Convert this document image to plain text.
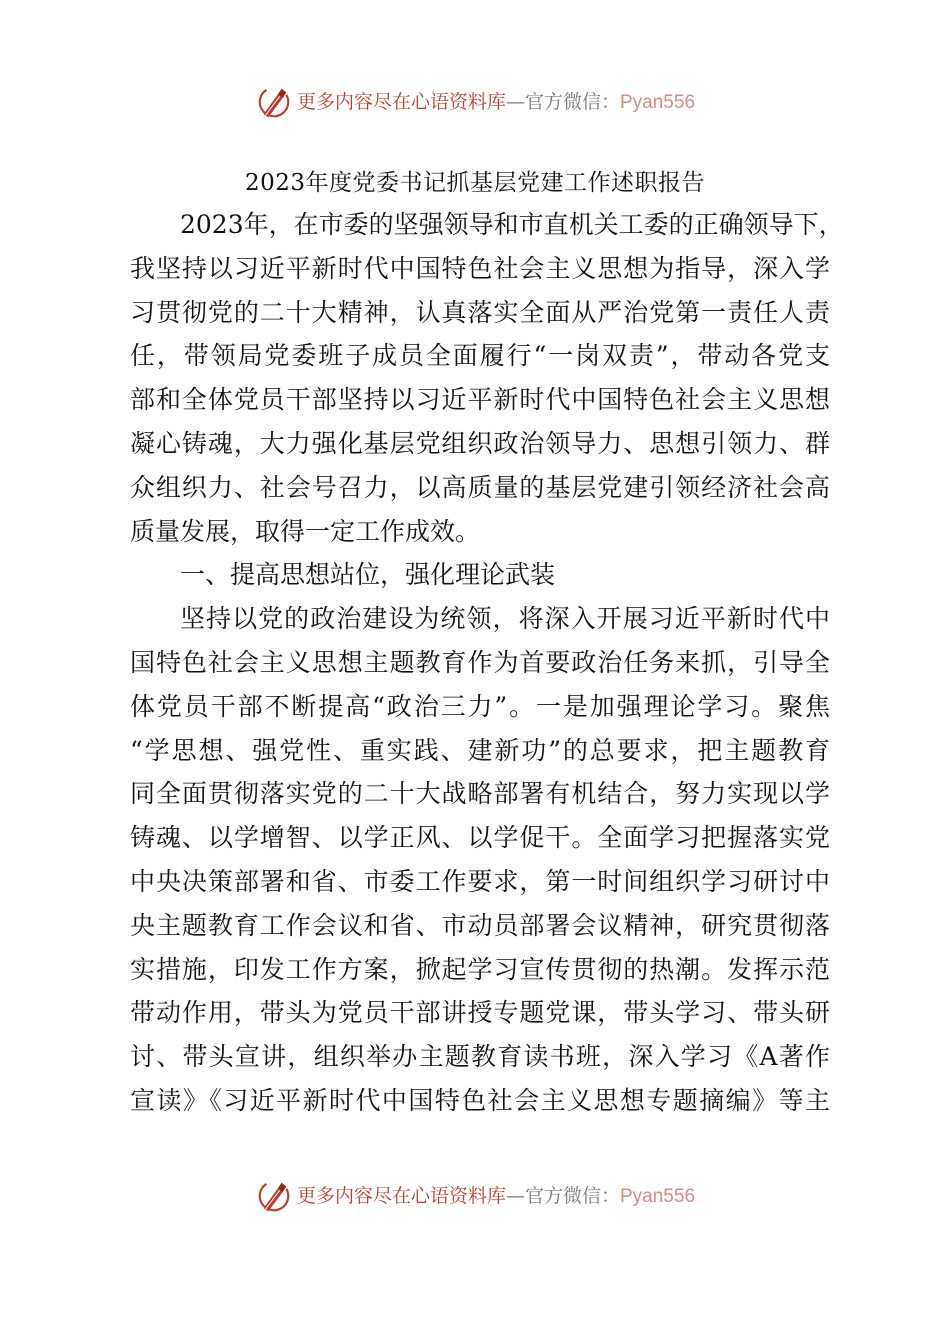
更多内容尽在心语资料库—官方微信：Pyan556
2023年度党委书记抓基层党建工作述职报告
2023年，在市委的坚强领导和市直机关工委的正确领导下，
我坚持以习近平新时代中国特色社会主义思想为指导，深入学
习贯彻党的二十大精神，认真落实全面从严治党第一责任人责
任，带领局党委班子成员全面履行“一岗双责”，带动各党支
部和全体党员干部坚持以习近平新时代中国特色社会主义思想
凝心铸魂，大力强化基层党组织政治领导力、思想引领力、群
众组织力、社会号召力，以高质量的基层党建引领经济社会高
质量发展，取得一定工作成效。
一、提高思想站位，强化理论武装
坚持以党的政治建设为统领，将深入开展习近平新时代中
国特色社会主义思想主题教育作为首要政治任务来抓，引导全
体党员干部不断提高“政治三力”。一是加强理论学习。聚焦
“学思想、强党性、重实践、建新功”的总要求，把主题教育
同全面贯彻落实党的二十大战略部署有机结合，努力实现以学
铸魂、以学增智、以学正风、以学促干。全面学习把握落实党
中央决策部署和省、市委工作要求，第一时间组织学习研讨中
央主题教育工作会议和省、市动员部署会议精神，研究贯彻落
实措施，印发工作方案，掀起学习宣传贯彻的热潮。发挥示范
带动作用，带头为党员干部讲授专题党课，带头学习、带头研
讨、带头宣讲，组织举办主题教育读书班，深入学习《A著作
宣读》《习近平新时代中国特色社会主义思想专题摘编》等主
更多内容尽在心语资料库—官方微信：Pyan556
